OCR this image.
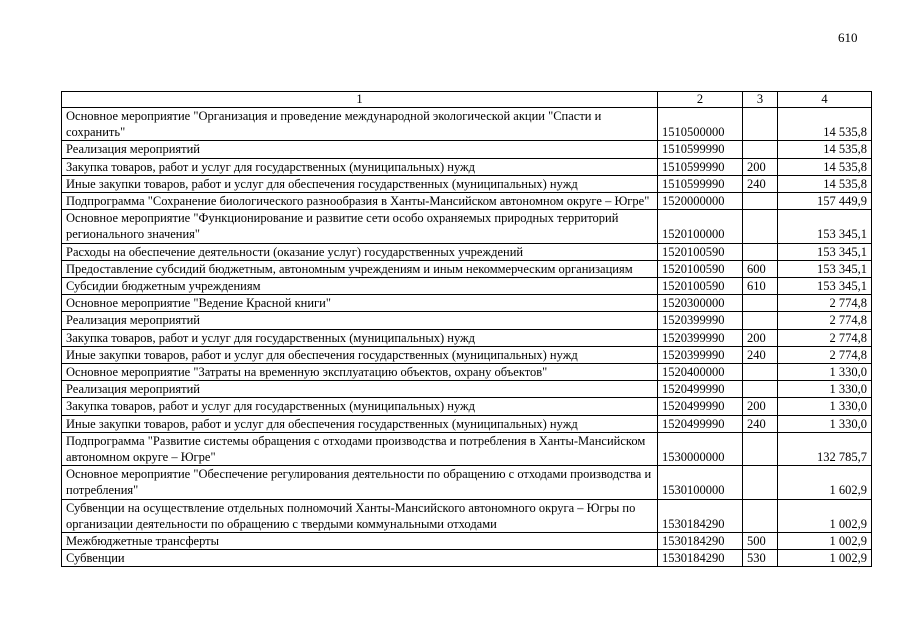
610
1	2	3	4
Основное мероприятие "Организация и проведение международной экологической акции "Спасти и сохранить"	1510500000		14 535,8
Реализация мероприятий	1510599990		14 535,8
Закупка товаров, работ и услуг для государственных (муниципальных) нужд	1510599990	200	14 535,8
Иные закупки товаров, работ и услуг для обеспечения государственных (муниципальных) нужд	1510599990	240	14 535,8
Подпрограмма "Сохранение биологического разнообразия в Ханты-Мансийском автономном округе – Югре"	1520000000		157 449,9
Основное мероприятие "Функционирование и развитие сети особо охраняемых природных территорий регионального значения"	1520100000		153 345,1
Расходы на обеспечение деятельности (оказание услуг) государственных учреждений	1520100590		153 345,1
Предоставление субсидий бюджетным, автономным учреждениям и иным некоммерческим организациям	1520100590	600	153 345,1
Субсидии бюджетным учреждениям	1520100590	610	153 345,1
Основное мероприятие "Ведение Красной книги"	1520300000		2 774,8
Реализация мероприятий	1520399990		2 774,8
Закупка товаров, работ и услуг для государственных (муниципальных) нужд	1520399990	200	2 774,8
Иные закупки товаров, работ и услуг для обеспечения государственных (муниципальных) нужд	1520399990	240	2 774,8
Основное мероприятие "Затраты на временную эксплуатацию объектов, охрану объектов"	1520400000		1 330,0
Реализация мероприятий	1520499990		1 330,0
Закупка товаров, работ и услуг для государственных (муниципальных) нужд	1520499990	200	1 330,0
Иные закупки товаров, работ и услуг для обеспечения государственных (муниципальных) нужд	1520499990	240	1 330,0
Подпрограмма "Развитие системы обращения с отходами производства и потребления в Ханты-Мансийском автономном округе – Югре"	1530000000		132 785,7
Основное мероприятие "Обеспечение регулирования деятельности по обращению с отходами производства и потребления"	1530100000		1 602,9
Субвенции на осуществление отдельных полномочий Ханты-Мансийского автономного округа – Югры по организации деятельности по обращению с твердыми коммунальными отходами	1530184290		1 002,9
Межбюджетные трансферты	1530184290	500	1 002,9
Субвенции	1530184290	530	1 002,9
